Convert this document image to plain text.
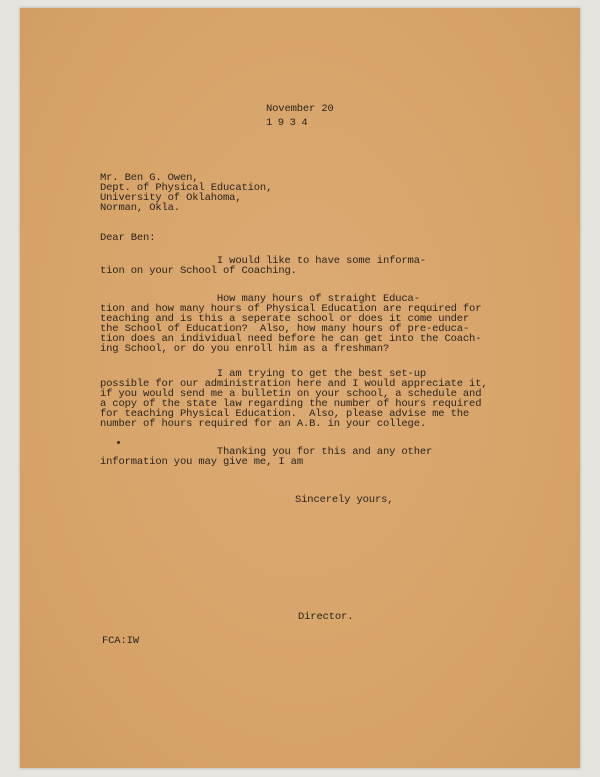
November 20

1934

Mr. Ben G. Owen,
Dept. of Physical Education,
University of Oklahoma,
Norman, Okla.

Dear Ben:

I would like to have some informa-
tion on your School of Coaching.
How many hours of straight Educa-
tion and how many hours of Physical Education are required for
teaching and is this a seperate school or does it come under
the School of Education?  Also, how many hours of pre-educa-
tion does an individual need before he can get into the Coach-
ing School, or do you enroll him as a freshman?
I am trying to get the best set-up
possible for our administration here and I would appreciate it,
if you would send me a bulletin on your school, a schedule and
a copy of the state law regarding the number of hours required
for teaching Physical Education.  Also, please advise me the
number of hours required for an A.B. in your college.
Thanking you for this and any other
information you may give me, I am

Sincerely yours,

Director.

FCA:IW
